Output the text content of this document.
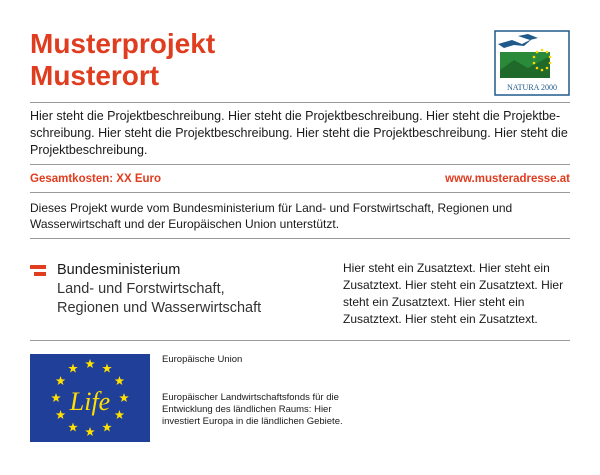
Musterprojekt
Musterort	NATURA 2000

Hier steht die Projektbeschreibung. Hier steht die Projektbeschreibung. Hier steht die Projektbe-schreibung. Hier steht die Projektbeschreibung. Hier steht die Projektbeschreibung. Hier steht die Projektbeschreibung.

Gesamtkosten: XX Euro	www.musteradresse.at

Dieses Projekt wurde vom Bundesministerium für Land- und Forstwirtschaft, Regionen und Wasserwirtschaft und der Europäischen Union unterstützt.

Bundesministerium
Land- und Forstwirtschaft,
Regionen und Wasserwirtschaft

Hier steht ein Zusatztext. Hier steht ein Zusatztext. Hier steht ein Zusatztext. Hier steht ein Zusatztext. Hier steht ein Zusatztext. Hier steht ein Zusatztext.

Life
Europäische Union

Europäischer Landwirtschaftsfonds für die Entwicklung des ländlichen Raums: Hier investiert Europa in die ländlichen Gebiete.
